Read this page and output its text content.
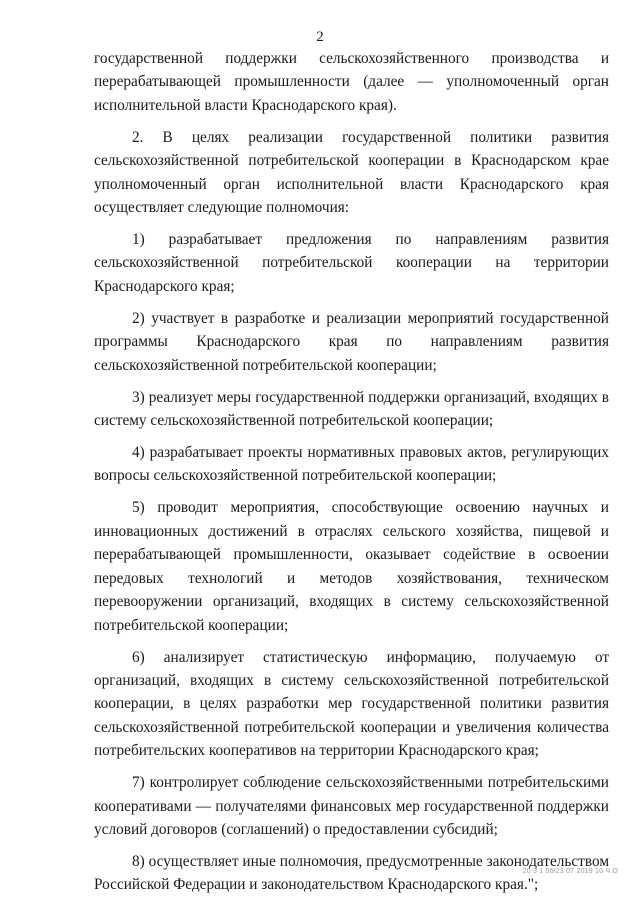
2

государственной поддержки сельскохозяйственного производства и перерабатывающей промышленности (далее — уполномоченный орган исполнительной власти Краснодарского края).

2. В целях реализации государственной политики развития сельскохозяйственной потребительской кооперации в Краснодарском крае уполномоченный орган исполнительной власти Краснодарского края осуществляет следующие полномочия:

1) разрабатывает предложения по направлениям развития сельскохозяйственной потребительской кооперации на территории Краснодарского края;

2) участвует в разработке и реализации мероприятий государственной программы Краснодарского края по направлениям развития сельскохозяйственной потребительской кооперации;

3) реализует меры государственной поддержки организаций, входящих в систему сельскохозяйственной потребительской кооперации;

4) разрабатывает проекты нормативных правовых актов, регулирующих вопросы сельскохозяйственной потребительской кооперации;

5) проводит мероприятия, способствующие освоению научных и инновационных достижений в отраслях сельского хозяйства, пищевой и перерабатывающей промышленности, оказывает содействие в освоении передовых технологий и методов хозяйствования, техническом перевооружении организаций, входящих в систему сельскохозяйственной потребительской кооперации;

6) анализирует статистическую информацию, получаемую от организаций, входящих в систему сельскохозяйственной потребительской кооперации, в целях разработки мер государственной политики развития сельскохозяйственной потребительской кооперации и увеличения количества потребительских кооперативов на территории Краснодарского края;

7) контролирует соблюдение сельскохозяйственными потребительскими кооперативами — получателями финансовых мер государственной поддержки условий договоров (соглашений) о предоставлении субсидий;

8) осуществляет иные полномочия, предусмотренные законодательством Российской Федерации и законодательством Краснодарского края.";

20 3 1 06/23 07 2019 10 Ч.О
